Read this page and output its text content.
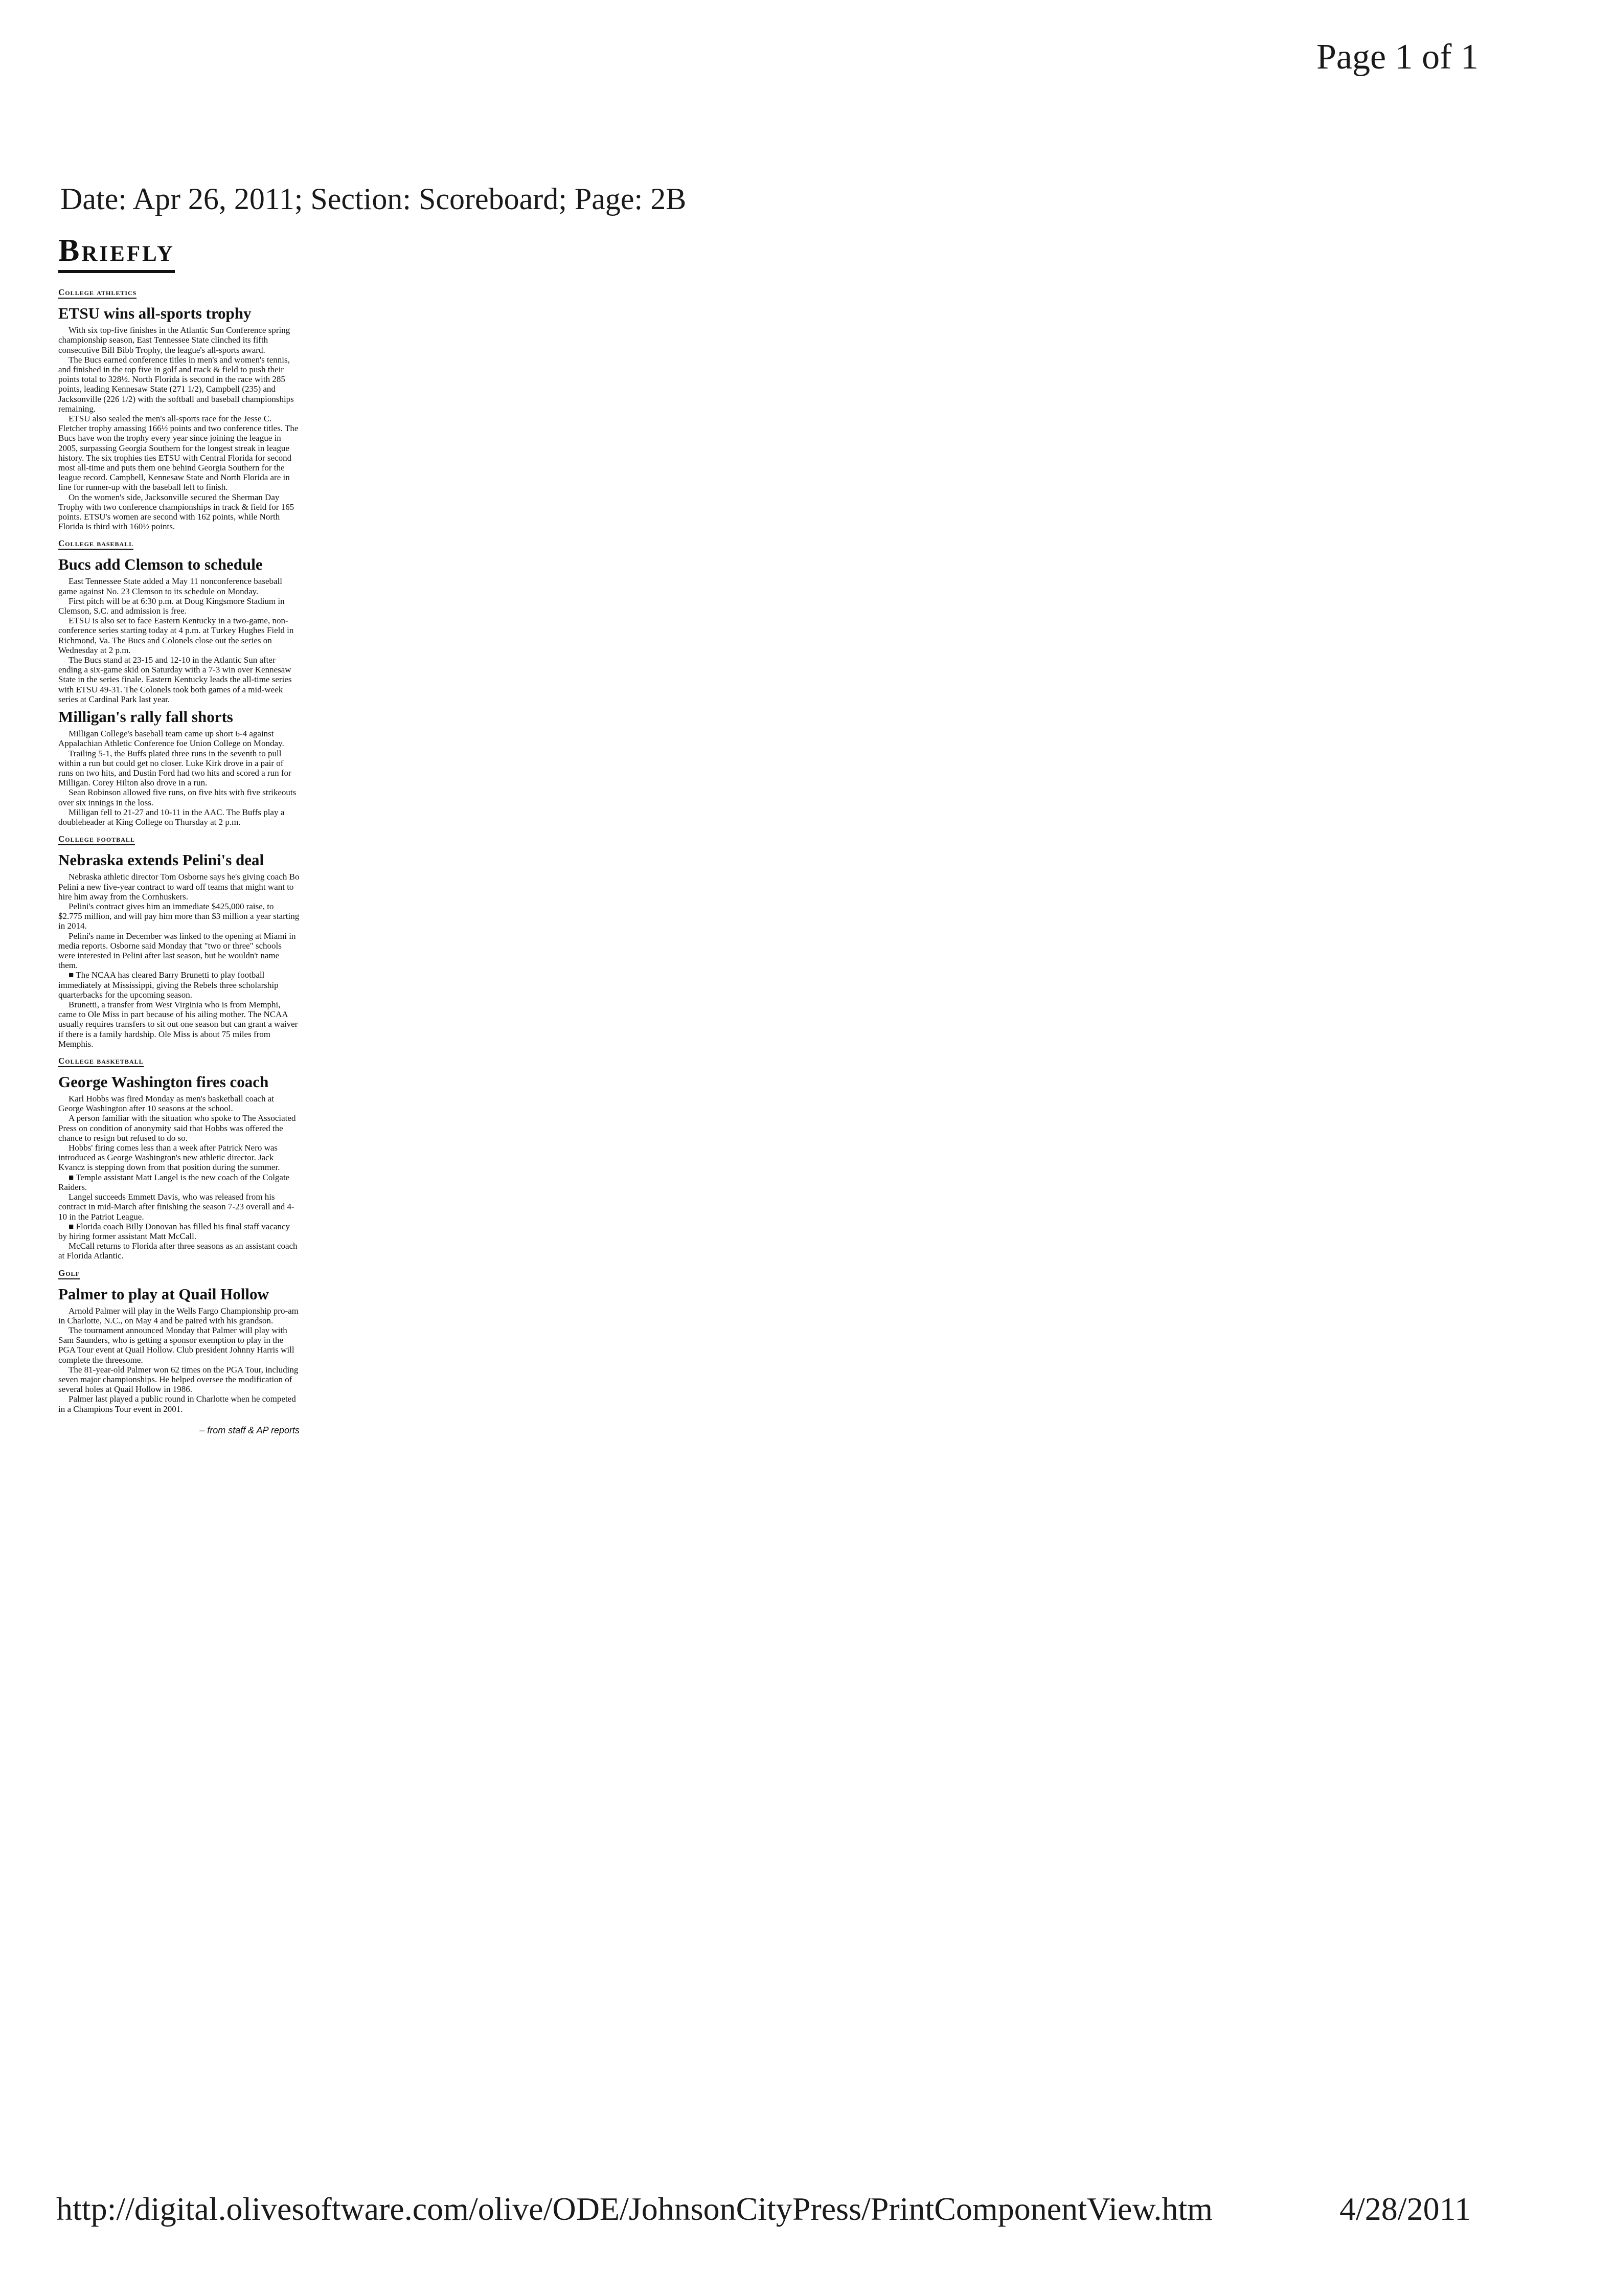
Page 1 of 1
Date: Apr 26, 2011; Section: Scoreboard; Page: 2B
Briefly
College athletics
ETSU wins all-sports trophy

With six top-five finishes in the Atlantic Sun Conference spring championship season, East Tennessee State clinched its fifth consecutive Bill Bibb Trophy, the league's all-sports award.

The Bucs earned conference titles in men's and women's tennis, and finished in the top five in golf and track & field to push their points total to 328½. North Florida is second in the race with 285 points, leading Kennesaw State (271 1/2), Campbell (235) and Jacksonville (226 1/2) with the softball and baseball championships remaining.

ETSU also sealed the men's all-sports race for the Jesse C. Fletcher trophy amassing 166½ points and two conference titles. The Bucs have won the trophy every year since joining the league in 2005, surpassing Georgia Southern for the longest streak in league history. The six trophies ties ETSU with Central Florida for second most all-time and puts them one behind Georgia Southern for the league record. Campbell, Kennesaw State and North Florida are in line for runner-up with the baseball left to finish.

On the women's side, Jacksonville secured the Sherman Day Trophy with two conference championships in track & field for 165 points. ETSU's women are second with 162 points, while North Florida is third with 160½ points.

College baseball
Bucs add Clemson to schedule

East Tennessee State added a May 11 nonconference baseball game against No. 23 Clemson to its schedule on Monday.

First pitch will be at 6:30 p.m. at Doug Kingsmore Stadium in Clemson, S.C. and admission is free.

ETSU is also set to face Eastern Kentucky in a two-game, non-conference series starting today at 4 p.m. at Turkey Hughes Field in Richmond, Va. The Bucs and Colonels close out the series on Wednesday at 2 p.m.

The Bucs stand at 23-15 and 12-10 in the Atlantic Sun after ending a six-game skid on Saturday with a 7-3 win over Kennesaw State in the series finale. Eastern Kentucky leads the all-time series with ETSU 49-31. The Colonels took both games of a mid-week series at Cardinal Park last year.

Milligan's rally fall shorts

Milligan College's baseball team came up short 6-4 against Appalachian Athletic Conference foe Union College on Monday.

Trailing 5-1, the Buffs plated three runs in the seventh to pull within a run but could get no closer. Luke Kirk drove in a pair of runs on two hits, and Dustin Ford had two hits and scored a run for Milligan. Corey Hilton also drove in a run.

Sean Robinson allowed five runs, on five hits with five strikeouts over six innings in the loss.

Milligan fell to 21-27 and 10-11 in the AAC. The Buffs play a doubleheader at King College on Thursday at 2 p.m.

College football
Nebraska extends Pelini's deal

Nebraska athletic director Tom Osborne says he's giving coach Bo Pelini a new five-year contract to ward off teams that might want to hire him away from the Cornhuskers.

Pelini's contract gives him an immediate $425,000 raise, to $2.775 million, and will pay him more than $3 million a year starting in 2014.

Pelini's name in December was linked to the opening at Miami in media reports. Osborne said Monday that "two or three" schools were interested in Pelini after last season, but he wouldn't name them.

■ The NCAA has cleared Barry Brunetti to play football immediately at Mississippi, giving the Rebels three scholarship quarterbacks for the upcoming season.

Brunetti, a transfer from West Virginia who is from Memphi, came to Ole Miss in part because of his ailing mother. The NCAA usually requires transfers to sit out one season but can grant a waiver if there is a family hardship. Ole Miss is about 75 miles from Memphis.

College basketball
George Washington fires coach

Karl Hobbs was fired Monday as men's basketball coach at George Washington after 10 seasons at the school.

A person familiar with the situation who spoke to The Associated Press on condition of anonymity said that Hobbs was offered the chance to resign but refused to do so.

Hobbs' firing comes less than a week after Patrick Nero was introduced as George Washington's new athletic director. Jack Kvancz is stepping down from that position during the summer.

■ Temple assistant Matt Langel is the new coach of the Colgate Raiders.

Langel succeeds Emmett Davis, who was released from his contract in mid-March after finishing the season 7-23 overall and 4-10 in the Patriot League.

■ Florida coach Billy Donovan has filled his final staff vacancy by hiring former assistant Matt McCall.

McCall returns to Florida after three seasons as an assistant coach at Florida Atlantic.

Golf
Palmer to play at Quail Hollow

Arnold Palmer will play in the Wells Fargo Championship pro-am in Charlotte, N.C., on May 4 and be paired with his grandson.

The tournament announced Monday that Palmer will play with Sam Saunders, who is getting a sponsor exemption to play in the PGA Tour event at Quail Hollow. Club president Johnny Harris will complete the threesome.

The 81-year-old Palmer won 62 times on the PGA Tour, including seven major championships. He helped oversee the modification of several holes at Quail Hollow in 1986.

Palmer last played a public round in Charlotte when he competed in a Champions Tour event in 2001.

– from staff & AP reports
http://digital.olivesoftware.com/olive/ODE/JohnsonCityPress/PrintComponentView.htm	4/28/2011
